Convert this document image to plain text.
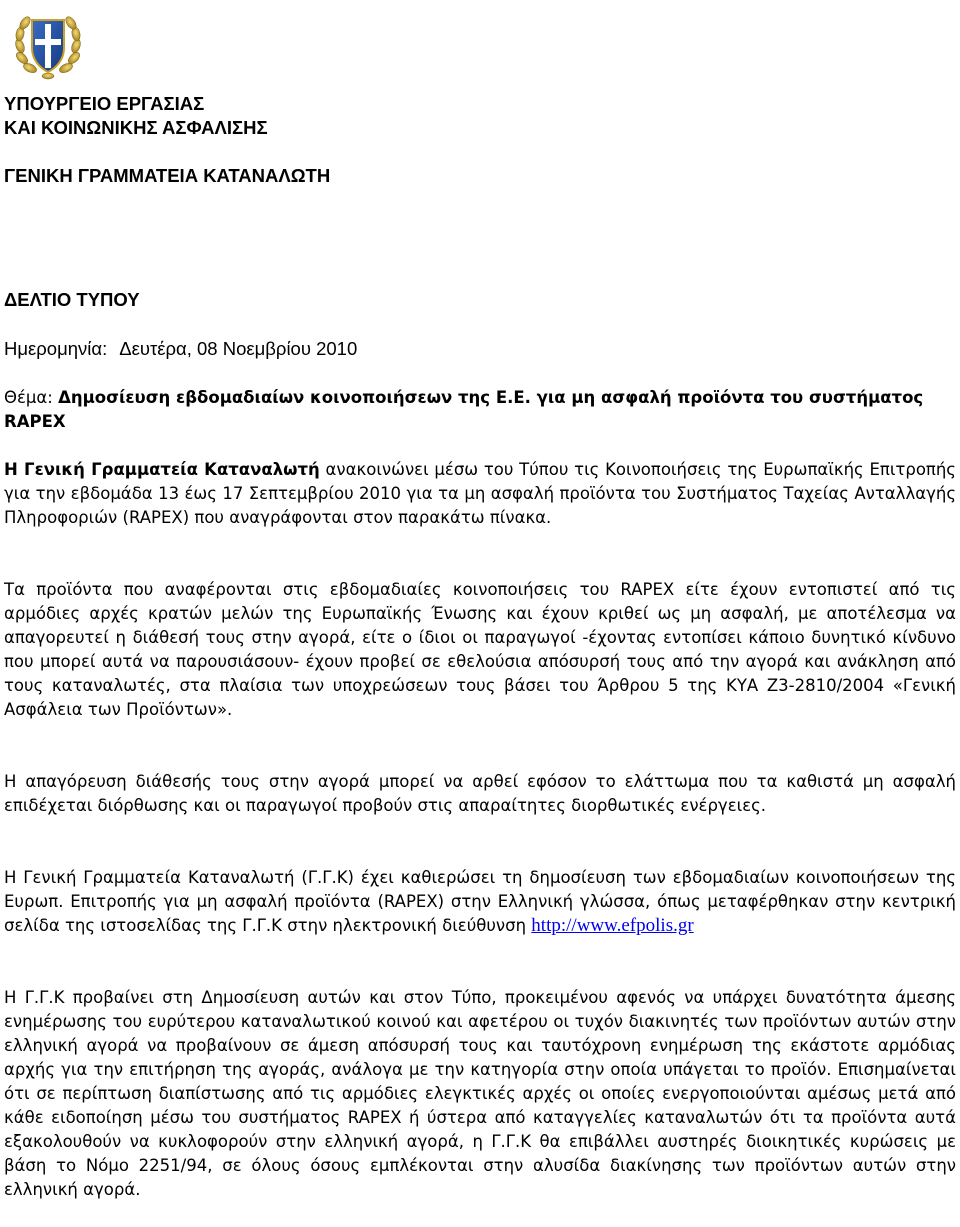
ΥΠΟΥΡΓΕΙΟ ΕΡΓΑΣΙΑΣ
ΚΑΙ ΚΟΙΝΩΝΙΚΗΣ ΑΣΦΑΛΙΣΗΣ
ΓΕΝΙΚΗ ΓΡΑΜΜΑΤΕΙΑ ΚΑΤΑΝΑΛΩΤΗ
ΔΕΛΤΙΟ ΤΥΠΟΥ
Ημερομηνία: Δευτέρα, 08 Νοεμβρίου 2010
Θέμα: Δημοσίευση εβδομαδιαίων κοινοποιήσεων της Ε.Ε. για μη ασφαλή προϊόντα του συστήματος RAPEX
Η Γενική Γραμματεία Καταναλωτή ανακοινώνει μέσω του Τύπου τις Κοινοποιήσεις της Ευρωπαϊκής Επιτροπής για την εβδομάδα 13 έως 17 Σεπτεμβρίου 2010 για τα μη ασφαλή προϊόντα του Συστήματος Ταχείας Ανταλλαγής Πληροφοριών (RAPEX) που αναγράφονται στον παρακάτω πίνακα.
Τα προϊόντα που αναφέρονται στις εβδομαδιαίες κοινοποιήσεις του RAPEX είτε έχουν εντοπιστεί από τις αρμόδιες αρχές κρατών μελών της Ευρωπαϊκής Ένωσης και έχουν κριθεί ως μη ασφαλή, με αποτέλεσμα να απαγορευτεί η διάθεσή τους στην αγορά, είτε ο ίδιοι οι παραγωγοί -έχοντας εντοπίσει κάποιο δυνητικό κίνδυνο που μπορεί αυτά να παρουσιάσουν- έχουν προβεί σε εθελούσια απόσυρσή τους από την αγορά και ανάκληση από τους καταναλωτές, στα πλαίσια των υποχρεώσεων τους βάσει του Άρθρου 5 της ΚΥΑ Ζ3-2810/2004 «Γενική Ασφάλεια των Προϊόντων».
Η απαγόρευση διάθεσής τους στην αγορά μπορεί να αρθεί εφόσον το ελάττωμα που τα καθιστά μη ασφαλή επιδέχεται διόρθωσης και οι παραγωγοί προβούν στις απαραίτητες διορθωτικές ενέργειες.
Η Γενική Γραμματεία Καταναλωτή (Γ.Γ.Κ) έχει καθιερώσει τη δημοσίευση των εβδομαδιαίων κοινοποιήσεων της Ευρωπ. Επιτροπής για μη ασφαλή προϊόντα (RAPEX) στην Ελληνική γλώσσα, όπως μεταφέρθηκαν στην κεντρική σελίδα της ιστοσελίδας της Γ.Γ.Κ στην ηλεκτρονική διεύθυνση http://www.efpolis.gr
Η Γ.Γ.Κ προβαίνει στη Δημοσίευση αυτών και στον Τύπο, προκειμένου αφενός να υπάρχει δυνατότητα άμεσης ενημέρωσης του ευρύτερου καταναλωτικού κοινού και αφετέρου οι τυχόν διακινητές των προϊόντων αυτών στην ελληνική αγορά να προβαίνουν σε άμεση απόσυρσή τους και ταυτόχρονη ενημέρωση της εκάστοτε αρμόδιας αρχής για την επιτήρηση της αγοράς, ανάλογα με την κατηγορία στην οποία υπάγεται το προϊόν. Επισημαίνεται ότι σε περίπτωση διαπίστωσης από τις αρμόδιες ελεγκτικές αρχές οι οποίες ενεργοποιούνται αμέσως μετά από κάθε ειδοποίηση μέσω του συστήματος RAPEX ή ύστερα από καταγγελίες καταναλωτών ότι τα προϊόντα αυτά εξακολουθούν να κυκλοφορούν στην ελληνική αγορά, η Γ.Γ.Κ θα επιβάλλει αυστηρές διοικητικές κυρώσεις με βάση το Νόμο 2251/94, σε όλους όσους εμπλέκονται στην αλυσίδα διακίνησης των προϊόντων αυτών στην ελληνική αγορά.
